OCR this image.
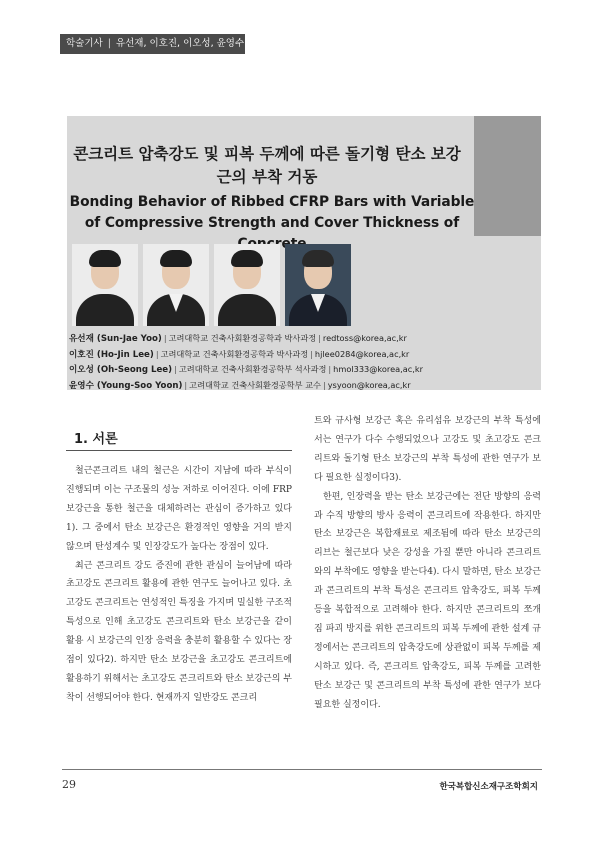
학술기사 | 유선재, 이호진, 이오성, 윤영수
콘크리트 압축강도 및 피복 두께에 따른 돌기형 탄소 보강근의 부착 거동
Bonding Behavior of Ribbed CFRP Bars with Variable of Compressive Strength and Cover Thickness of
유선재 (Sun-Jae Yoo) | 고려대학교 건축사회환경공학과 박사과정 | redtoss@korea,ac,kr
이호진 (Ho-Jin Lee) | 고려대학교 건축사회환경공학과 박사과정 | hjlee0284@korea,ac,kr
이오성 (Oh-Seong Lee) | 고려대학교 건축사회환경공학부 석사과정 | hmol333@korea,ac,kr
윤영수 (Young-Soo Yoon) | 고려대학교 건축사회환경공학부 교수 | ysyoon@korea,ac,kr
1. 서론

철근콘크리트 내의 철근은 시간이 지남에 따라 부식이 진행되며 이는 구조물의 성능 저하로 이어진다. 이에 FRP 보강근을 통한 철근을 대체하려는 관심이 증가하고 있다1). 그 중에서 탄소 보강근은 환경적인 영향을 거의 받지 않으며 탄성계수 및 인장강도가 높다는 장점이 있다.

최근 콘크리트 강도 증진에 관한 관심이 늘어남에 따라 초고강도 콘크리트 활용에 관한 연구도 늘어나고 있다. 초고강도 콘크리트는 연성적인 특징을 가지며 밀실한 구조적 특성으로 인해 초고강도 콘크리트와 탄소 보강근을 같이 활용 시 보강근의 인장 응력을 충분히 활용할 수 있다는 장점이 있다2). 하지만 탄소 보강근을 초고강도 콘크리트에 활용하기 위해서는 초고강도 콘크리트와 탄소 보강근의 부착이 선행되어야 한다. 현재까지 일반강도 콘크리

트와 규사형 보강근 혹은 유리섬유 보강근의 부착 특성에서는 연구가 다수 수행되었으나 고강도 및 초고강도 콘크리트와 돌기형 탄소 보강근의 부착 특성에 관한 연구가 보다 필요한 실정이다3).

한편, 인장력을 받는 탄소 보강근에는 전단 방향의 응력과 수직 방향의 방사 응력이 콘크리트에 작용한다. 하지만 탄소 보강근은 복합재료로 제조됨에 따라 탄소 보강근의 리브는 철근보다 낮은 강성을 가질 뿐만 아니라 콘크리트와의 부착에도 영향을 받는다4). 다시 말하면, 탄소 보강근과 콘크리트의 부착 특성은 콘크리트 압축강도, 피복 두께 등을 복합적으로 고려해야 한다. 하지만 콘크리트의 쪼개짐 파괴 방지를 위한 콘크리트의 피복 두께에 관한 설계 규정에서는 콘크리트의 압축강도에 상관없이 피복 두께를 제시하고 있다. 즉, 콘크리트 압축강도, 피복 두께를 고려한 탄소 보강근 및 콘크리트의 부착 특성에 관한 연구가 보다 필요한 실정이다.

29	한국복합신소재구조학회지
